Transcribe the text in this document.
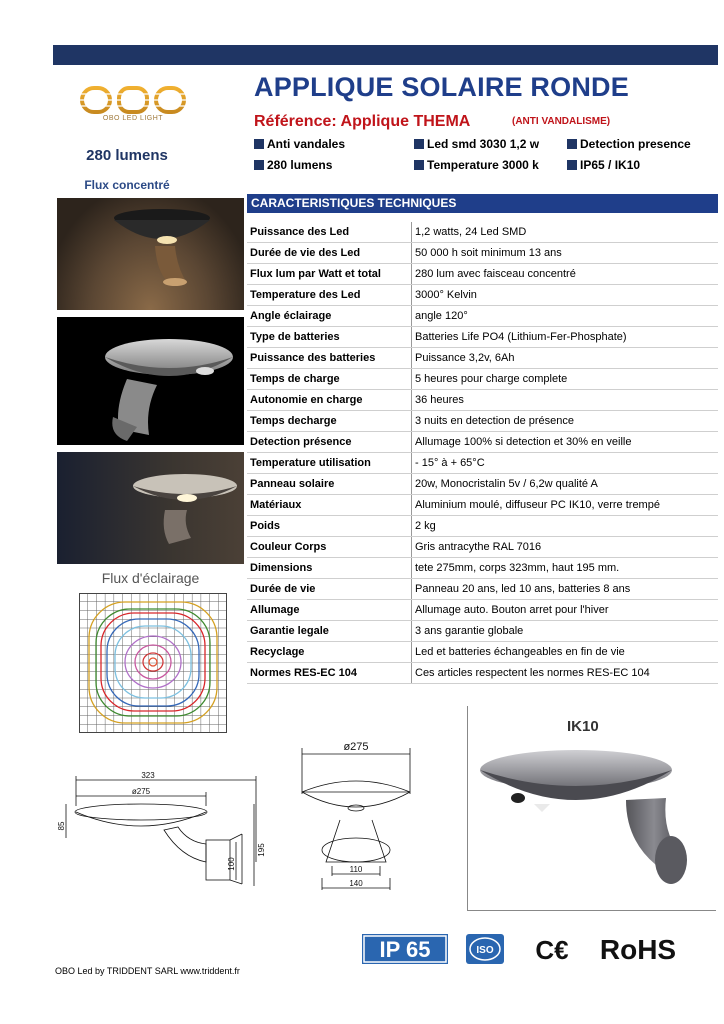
OBO LED LIGHT
280 lumens
Flux concentré
Flux d'éclairage
APPLIQUE SOLAIRE RONDE
Référence: Applique THEMA	(ANTI VANDALISME)
Anti vandales	Led smd 3030 1,2 w	Detection presence
280 lumens	Temperature 3000 k	IP65 / IK10
CARACTERISTIQUES TECHNIQUES
Puissance des Led	1,2 watts, 24 Led SMD
Durée de vie des Led	50 000 h soit minimum 13 ans
Flux lum par Watt et total	280 lum avec faisceau concentré
Temperature des Led	3000° Kelvin
Angle éclairage	angle 120°
Type de batteries	Batteries Life PO4 (Lithium-Fer-Phosphate)
Puissance des batteries	Puissance 3,2v, 6Ah
Temps de charge	5 heures pour charge complete
Autonomie en charge	36 heures
Temps decharge	3 nuits en detection de présence
Detection présence	Allumage 100% si detection et 30% en veille
Temperature utilisation	- 15° à + 65°C
Panneau solaire	20w, Monocristalin 5v / 6,2w qualité A
Matériaux	Aluminium moulé, diffuseur PC IK10, verre trempé
Poids	2 kg
Couleur Corps	Gris antracythe RAL 7016
Dimensions	tete 275mm, corps 323mm, haut 195 mm.
Durée de vie	Panneau 20 ans, led 10 ans, batteries 8 ans
Allumage	Allumage auto. Bouton arret pour l'hiver
Garantie legale	3 ans garantie globale
Recyclage	Led et batteries échangeables en fin de vie
Normes RES-EC 104	Ces articles respectent les normes RES-EC 104
323
ø275
85
195
100
ø275
110
140
IK10
IP 65	ISO C€ RoHS
OBO Led by TRIDDENT SARL www.triddent.fr
